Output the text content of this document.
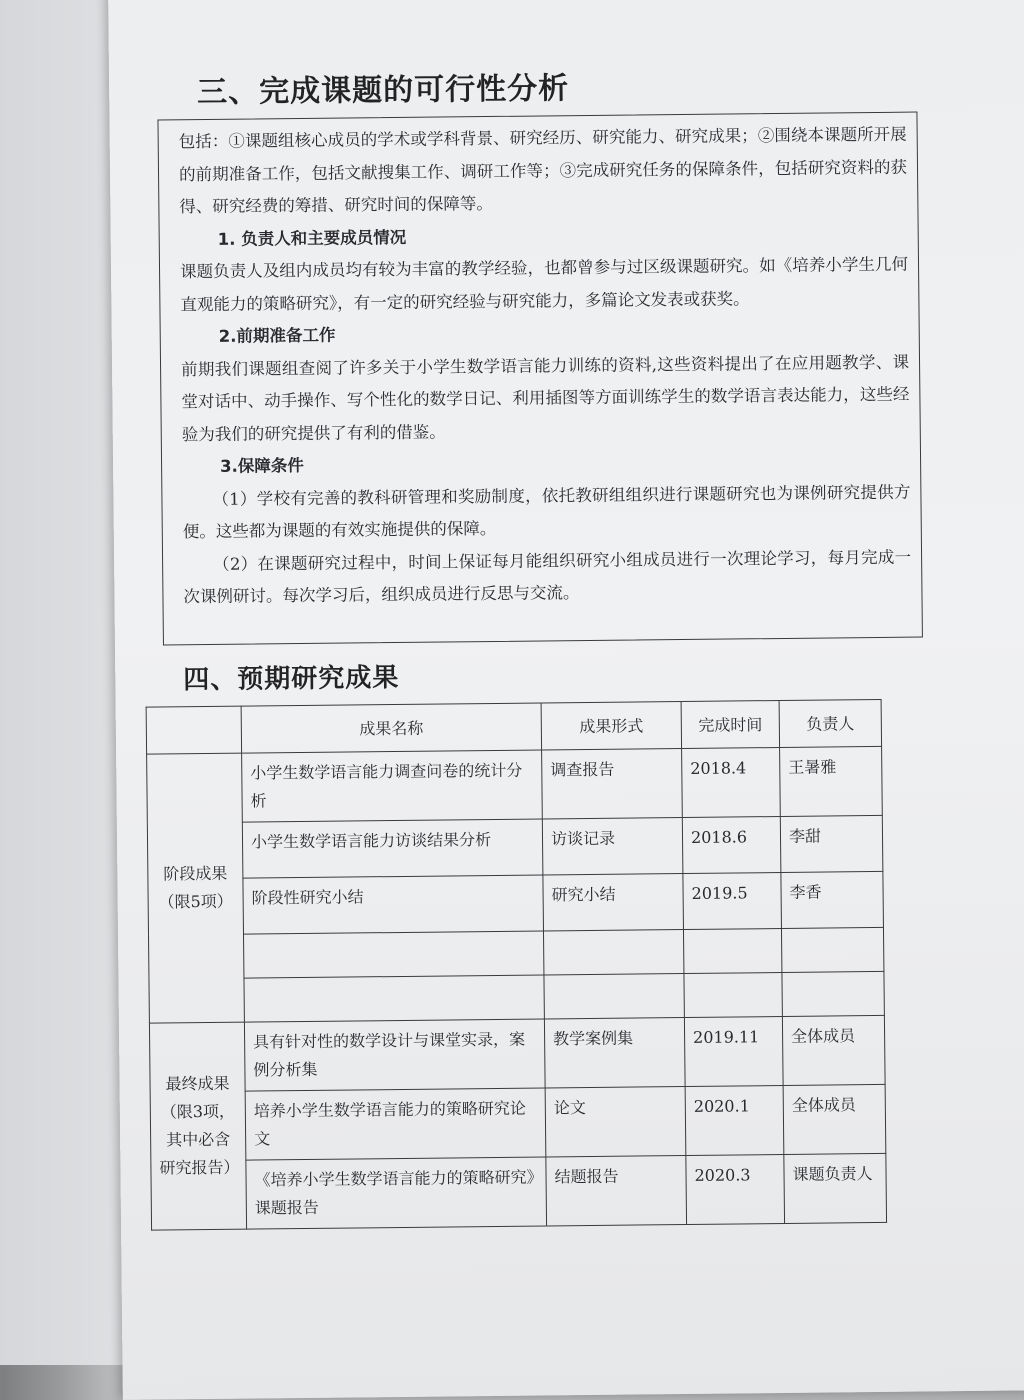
三、完成课题的可行性分析

包括：①课题组核心成员的学术或学科背景、研究经历、研究能力、研究成果；②围绕本课题所开展的前期准备工作，包括文献搜集工作、调研工作等；③完成研究任务的保障条件，包括研究资料的获得、研究经费的筹措、研究时间的保障等。

1. 负责人和主要成员情况

课题负责人及组内成员均有较为丰富的教学经验，也都曾参与过区级课题研究。如《培养小学生几何直观能力的策略研究》，有一定的研究经验与研究能力，多篇论文发表或获奖。

2.前期准备工作

前期我们课题组查阅了许多关于小学生数学语言能力训练的资料,这些资料提出了在应用题教学、课堂对话中、动手操作、写个性化的数学日记、利用插图等方面训练学生的数学语言表达能力，这些经验为我们的研究提供了有利的借鉴。

3.保障条件

（1）学校有完善的教科研管理和奖励制度，依托教研组组织进行课题研究也为课例研究提供方便。这些都为课题的有效实施提供的保障。

（2）在课题研究过程中，时间上保证每月能组织研究小组成员进行一次理论学习，每月完成一次课例研讨。每次学习后，组织成员进行反思与交流。

四、预期研究成果
	成果名称	成果形式	完成时间	负责人
阶段成果（限5项）	小学生数学语言能力调查问卷的统计分析	调查报告	2018.4	王暑雅
	小学生数学语言能力访谈结果分析	访谈记录	2018.6	李甜
	阶段性研究小结	研究小结	2019.5	李香

最终成果（限3项，其中必含研究报告）	具有针对性的数学设计与课堂实录，案例分析集	教学案例集	2019.11	全体成员
	培养小学生数学语言能力的策略研究论文	论文	2020.1	全体成员
	《培养小学生数学语言能力的策略研究》课题报告	结题报告	2020.3	课题负责人
